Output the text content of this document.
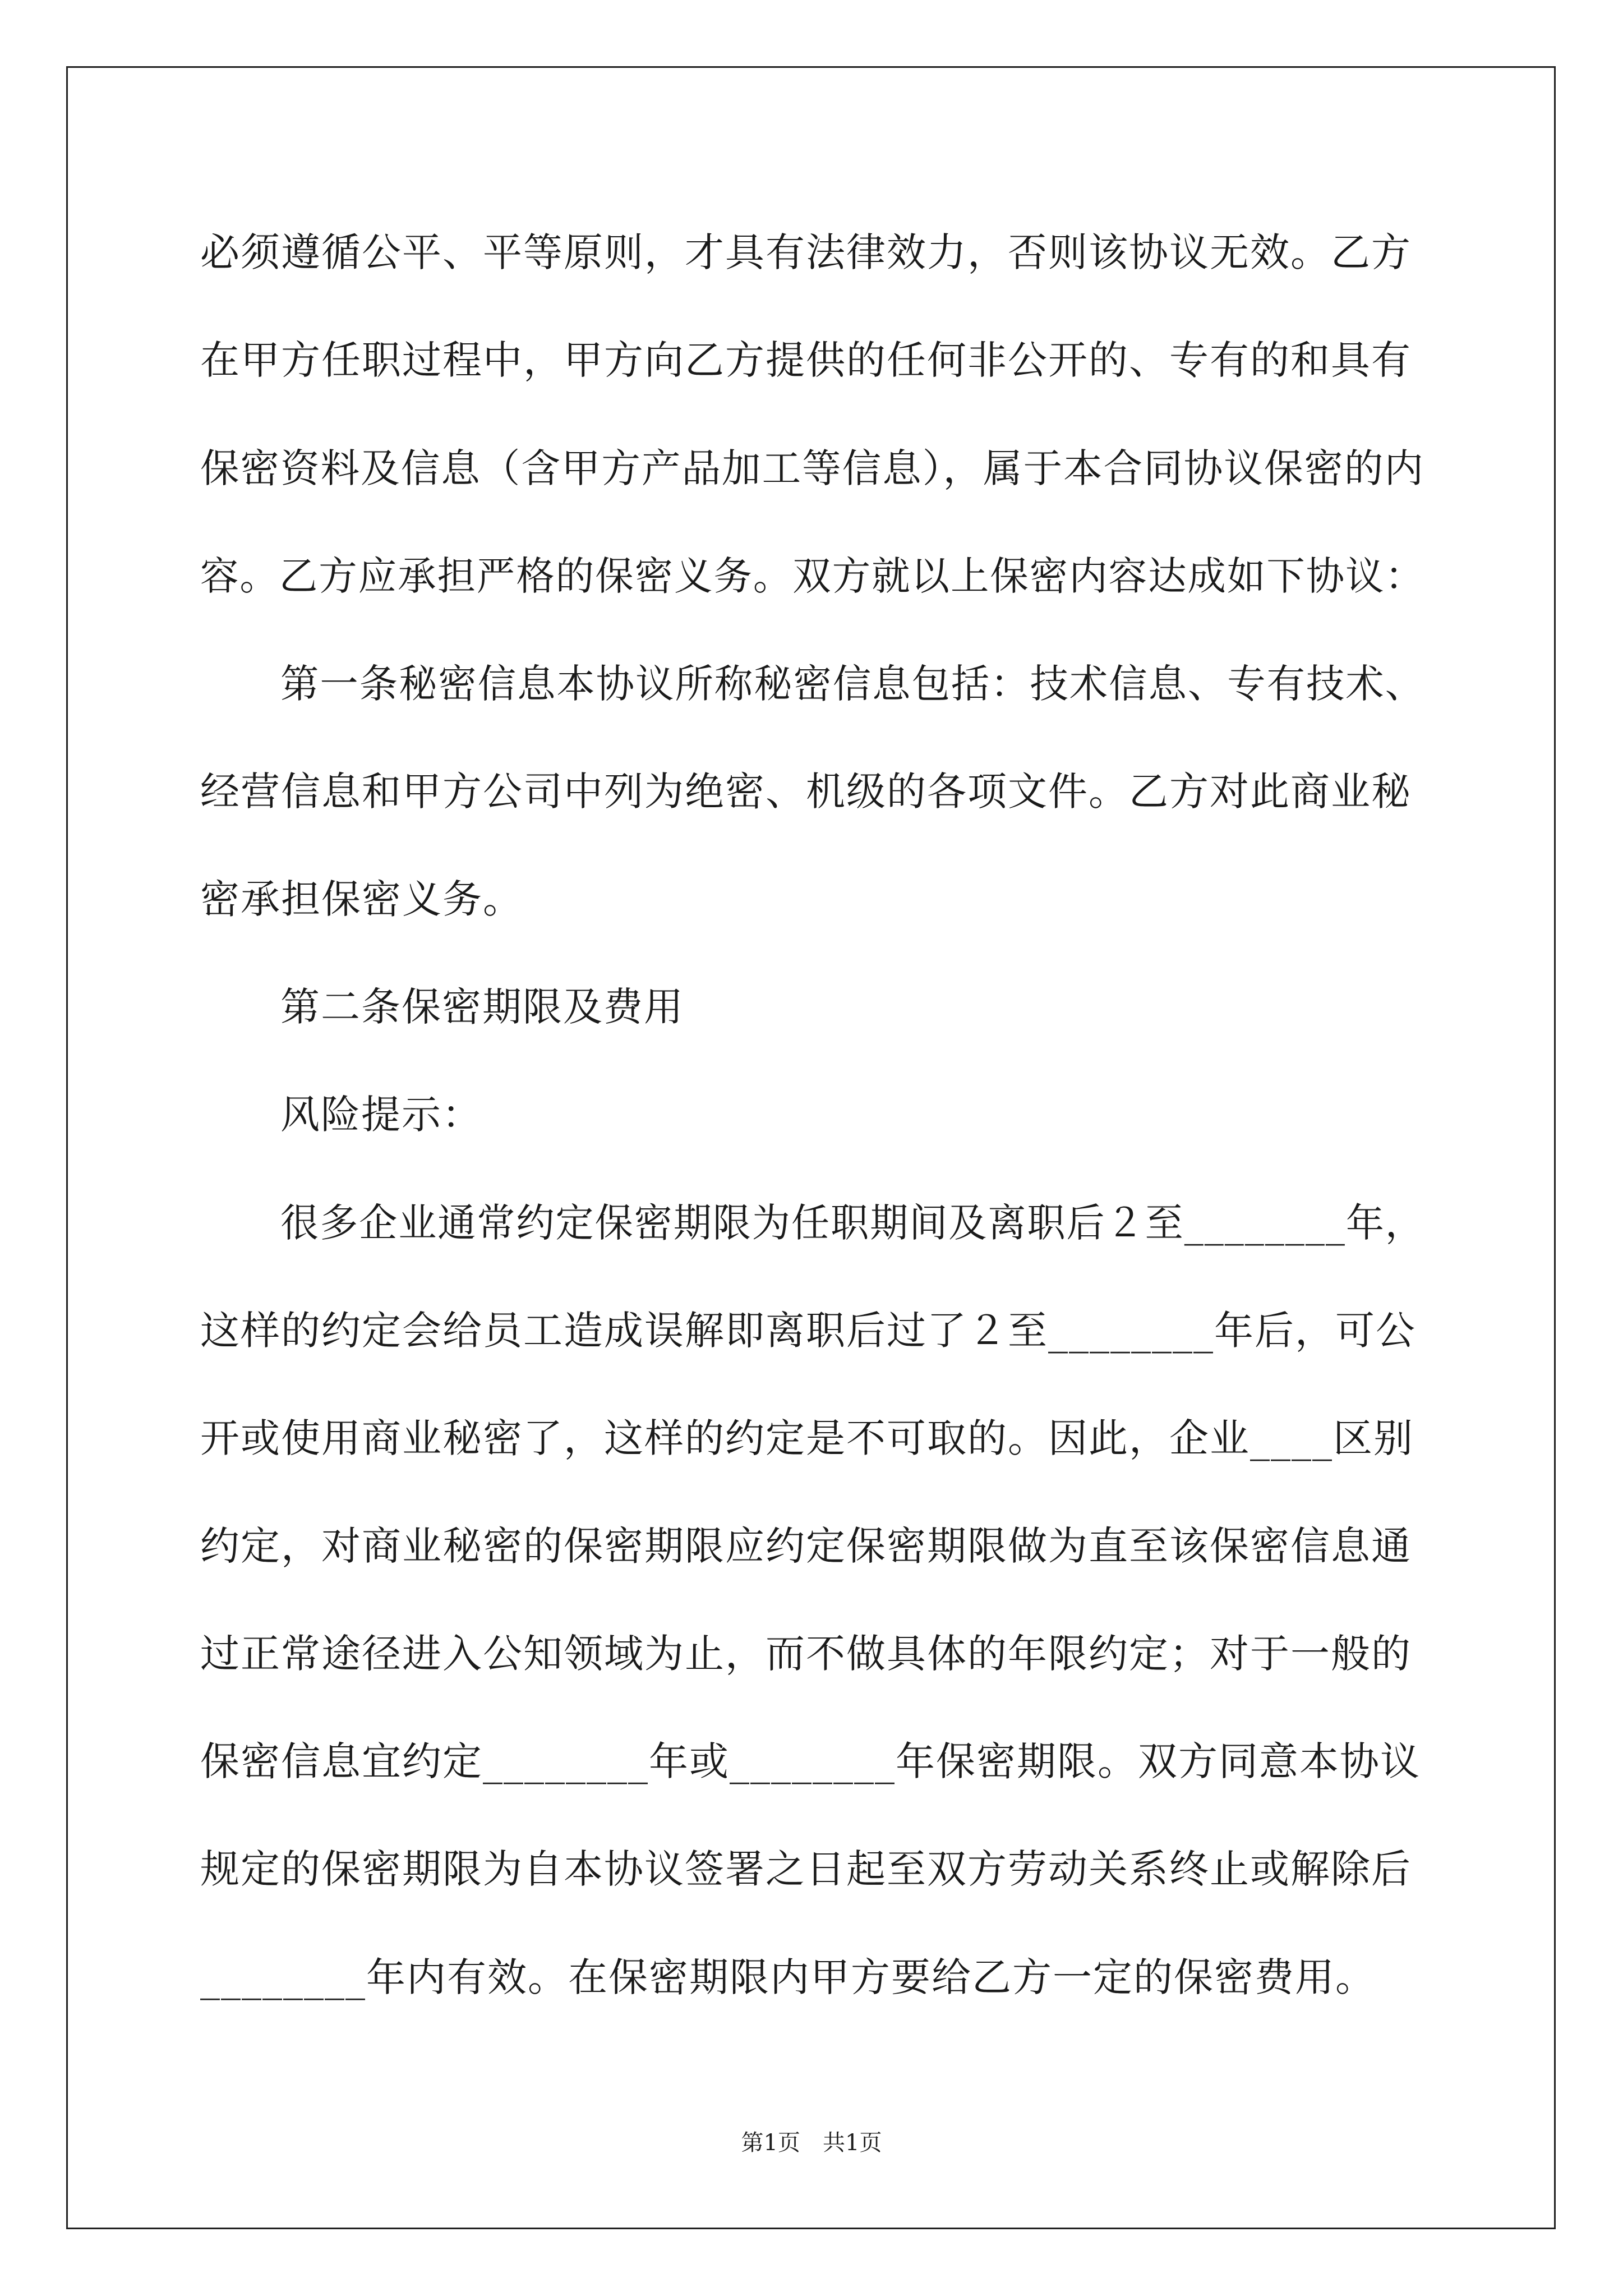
必须遵循公平、平等原则，才具有法律效力，否则该协议无效。乙方
在甲方任职过程中，甲方向乙方提供的任何非公开的、专有的和具有
保密资料及信息（含甲方产品加工等信息），属于本合同协议保密的内
容。乙方应承担严格的保密义务。双方就以上保密内容达成如下协议：
第一条秘密信息本协议所称秘密信息包括：技术信息、专有技术、
经营信息和甲方公司中列为绝密、机级的各项文件。乙方对此商业秘
密承担保密义务。
第二条保密期限及费用
风险提示：
很多企业通常约定保密期限为任职期间及离职后２至________年，
这样的约定会给员工造成误解即离职后过了２至________年后，可公
开或使用商业秘密了，这样的约定是不可取的。因此，企业____区别
约定，对商业秘密的保密期限应约定保密期限做为直至该保密信息通
过正常途径进入公知领域为止，而不做具体的年限约定；对于一般的
保密信息宜约定________年或________年保密期限。双方同意本协议
规定的保密期限为自本协议签署之日起至双方劳动关系终止或解除后
________年内有效。在保密期限内甲方要给乙方一定的保密费用。
第1页　共1页
